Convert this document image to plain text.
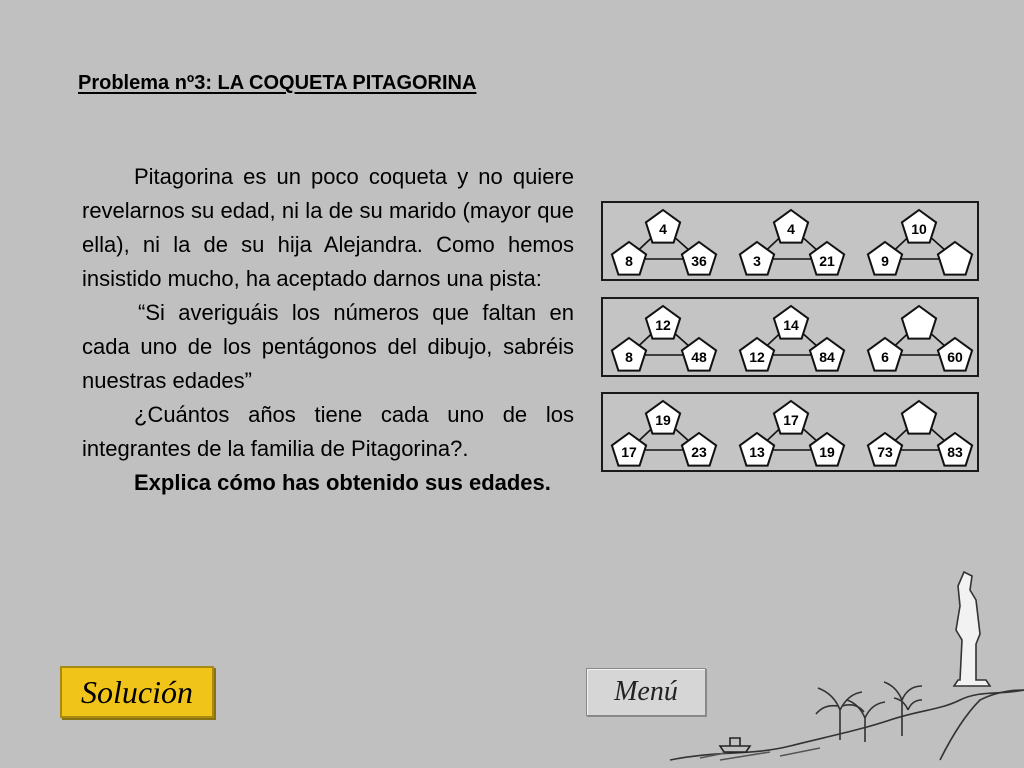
Problema nº3: LA COQUETA PITAGORINA

Pitagorina es un poco coqueta y no quiere revelarnos su edad, ni la de su marido (mayor que ella), ni la de su hija Alejandra. Como hemos insistido mucho, ha aceptado darnos una pista:

“Si averiguáis los números que faltan en cada uno de los pentágonos del dibujo, sabréis nuestras edades”

¿Cuántos años tiene cada uno de los integrantes de la familia de Pitagorina?.

Explica cómo has obtenido sus edades.

4
8	36
4
3	21
10
9
12
8	48
14
12	84	6	60
19
17	23
17
13	19	73	83
Solución	Menú
